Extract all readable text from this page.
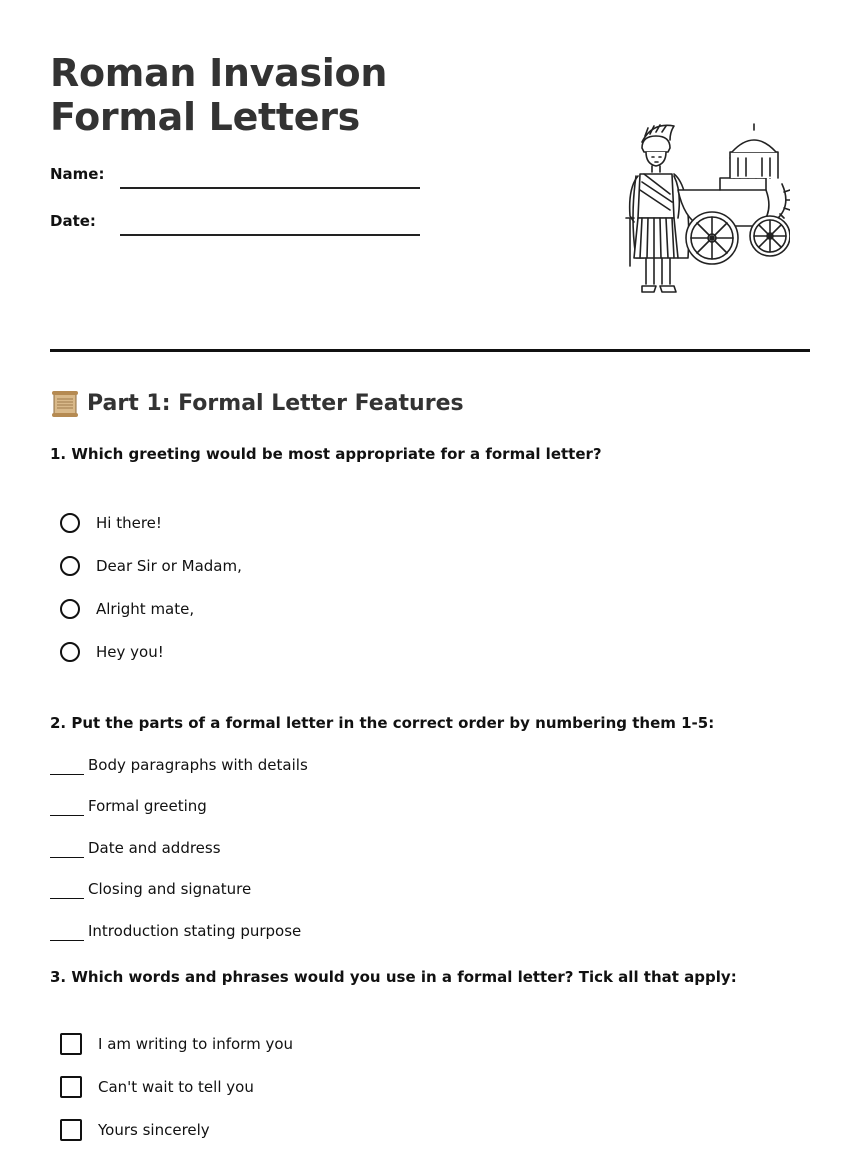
Roman Invasion Formal Letters
Name:
Date:
Part 1: Formal Letter Features

1. Which greeting would be most appropriate for a formal letter?

Hi there!
Dear Sir or Madam,
Alright mate,
Hey you!

2. Put the parts of a formal letter in the correct order by numbering them 1-5:

Body paragraphs with details
Formal greeting
Date and address
Closing and signature
Introduction stating purpose

3. Which words and phrases would you use in a formal letter? Tick all that apply:

I am writing to inform you
Can't wait to tell you
Yours sincerely
